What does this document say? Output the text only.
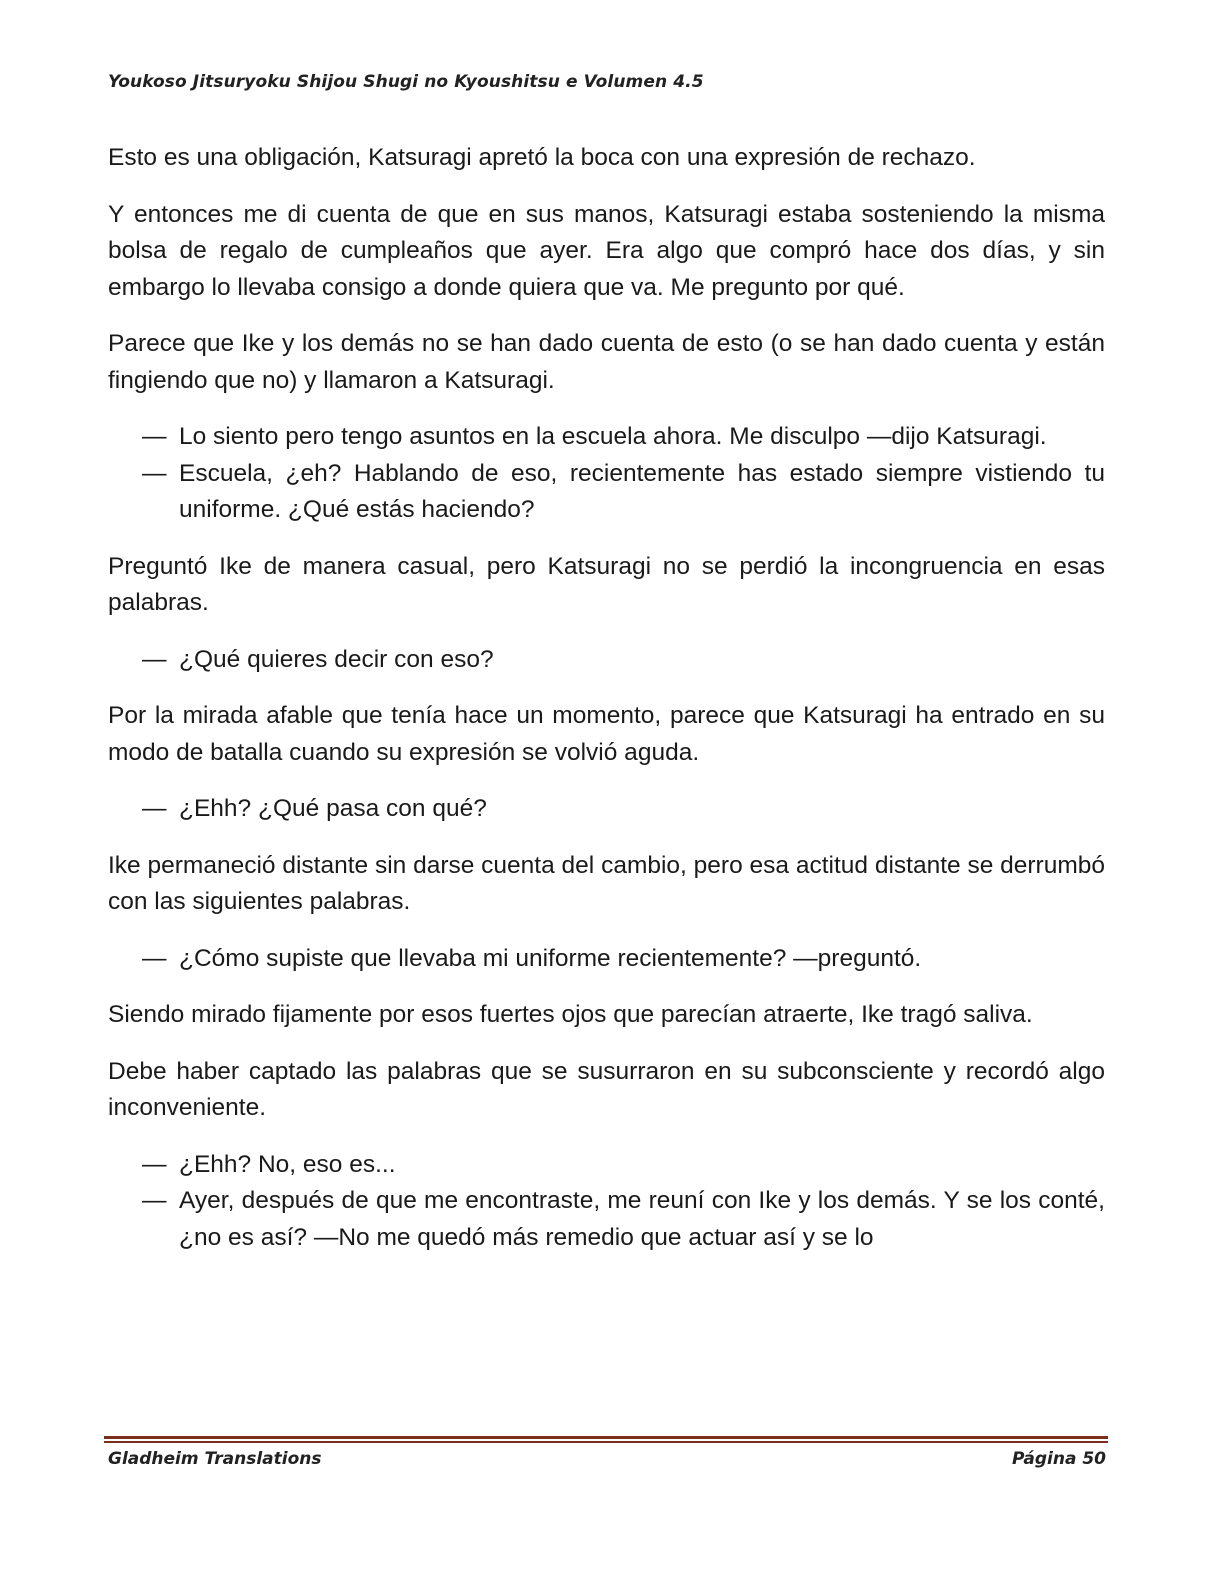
Youkoso Jitsuryoku Shijou Shugi no Kyoushitsu e Volumen 4.5

Esto es una obligación, Katsuragi apretó la boca con una expresión de rechazo.

Y entonces me di cuenta de que en sus manos, Katsuragi estaba sosteniendo la misma bolsa de regalo de cumpleaños que ayer. Era algo que compró hace dos días, y sin embargo lo llevaba consigo a donde quiera que va. Me pregunto por qué.

Parece que Ike y los demás no se han dado cuenta de esto (o se han dado cuenta y están fingiendo que no) y llamaron a Katsuragi.

— Lo siento pero tengo asuntos en la escuela ahora. Me disculpo —dijo Katsuragi.
— Escuela, ¿eh? Hablando de eso, recientemente has estado siempre vistiendo tu uniforme. ¿Qué estás haciendo?

Preguntó Ike de manera casual, pero Katsuragi no se perdió la incongruencia en esas palabras.

— ¿Qué quieres decir con eso?

Por la mirada afable que tenía hace un momento, parece que Katsuragi ha entrado en su modo de batalla cuando su expresión se volvió aguda.

— ¿Ehh? ¿Qué pasa con qué?

Ike permaneció distante sin darse cuenta del cambio, pero esa actitud distante se derrumbó con las siguientes palabras.

— ¿Cómo supiste que llevaba mi uniforme recientemente? —preguntó.

Siendo mirado fijamente por esos fuertes ojos que parecían atraerte, Ike tragó saliva.

Debe haber captado las palabras que se susurraron en su subconsciente y recordó algo inconveniente.

— ¿Ehh? No, eso es...
— Ayer, después de que me encontraste, me reuní con Ike y los demás. Y se los conté, ¿no es así? —No me quedó más remedio que actuar así y se lo
Gladheim Translations	Página 50
